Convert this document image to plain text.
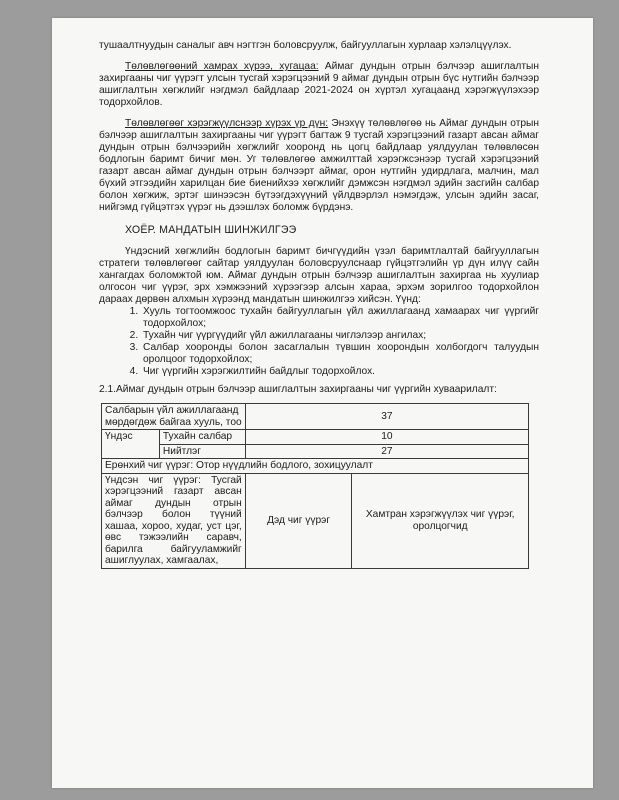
тушаалтнуудын саналыг авч нэгтгэн боловсруулж, байгууллагын хурлаар хэлэлцүүлэх.

Төлөвлөгөөний хамрах хүрээ, хугацаа: Аймаг дундын отрын бэлчээр ашиглалтын захиргааны чиг үүрэгт улсын тусгай хэрэгцээний 9 аймаг дундын отрын бүс нутгийн бэлчээр ашиглалтын хөгжлийг нэгдмэл байдлаар 2021-2024 он хүртэл хугацаанд хэрэгжүүлэхээр тодорхойлов.

Төлөвлөгөөг хэрэгжүүлснээр хүрэх үр дүн: Энэхүү төлөвлөгөө нь Аймаг дундын отрын бэлчээр ашиглалтын захиргааны чиг үүрэгт багтаж 9 тусгай хэрэгцээний газарт авсан аймаг дундын отрын бэлчээрийн хөгжлийг хооронд нь цогц байдлаар уялдуулан төлөвлөсөн бодлогын баримт бичиг мөн. Уг төлөвлөгөө амжилттай хэрэгжсэнээр тусгай хэрэгцээний газарт авсан аймаг дундын отрын бэлчээрт аймаг, орон нутгийн удирдлага, малчин, мал бүхий этгээдийн харилцан бие биенийхээ хөгжлийг дэмжсэн нэгдмэл эдийн засгийн салбар болон хөгжиж, эртэг шинээсэн бүтээгдэхүүний үйлдвэрлэл нэмэгдэж, улсын эдийн засаг, нийгэмд гүйцэтгэх үүрэг нь дээшлэх боломж бүрдэнэ.

ХОЁР. МАНДАТЫН ШИНЖИЛГЭЭ

Үндэсний хөгжлийн бодлогын баримт бичгүүдийн үзэл баримтлалтай байгууллагын стратеги төлөвлөгөөг сайтар уялдуулан боловсруулснаар гүйцэтгэлийн үр дүн илүү сайн хангагдах боломжтой юм. Аймаг дундын отрын бэлчээр ашиглалтын захиргаа нь хуулиар олгосон чиг үүрэг, эрх хэмжээний хүрээгээр алсын хараа, эрхэм зорилгоо тодорхойлон дараах дөрвөн алхмын хүрээнд мандатын шинжилгээ хийсэн. Үүнд:

1. Хууль тогтоомжоос тухайн байгууллагын үйл ажиллагаанд хамаарах чиг үүргийг тодорхойлох;
2. Тухайн чиг үүргүүдийг үйл ажиллагааны чиглэлээр ангилах;
3. Салбар хооронды болон засаглалын түвшин хоорондын холбогдогч талуудын оролцоог тодорхойлох;
4. Чиг үүргийн хэрэгжилтийн байдлыг тодорхойлох.

2.1.Аймаг дундын отрын бэлчээр ашиглалтын захиргааны чиг үүргийн хуваарилалт:

Салбарын үйл ажиллагаанд мөрдөгдөж байгаа хууль, тоо		37	
Үндэс	Тухайн салбар	10	
	Нийтлэг	27	
Ерөнхий чиг үүрэг: Отор нүүдлийн бодлого, зохицуулалт			
Үндсэн чиг үүрэг: Тусгай хэрэгцээний газарт авсан аймаг дундын отрын бэлчээр болон түүний хашаа, хороо, худаг, уст цэг, өвс тэжээлийн саравч, барилга байгууламжийг ашиглуулах, хамгаалах,		Дэд чиг үүрэг	Хамтран хэрэгжүүлэх чиг үүрэг, оролцогчид
